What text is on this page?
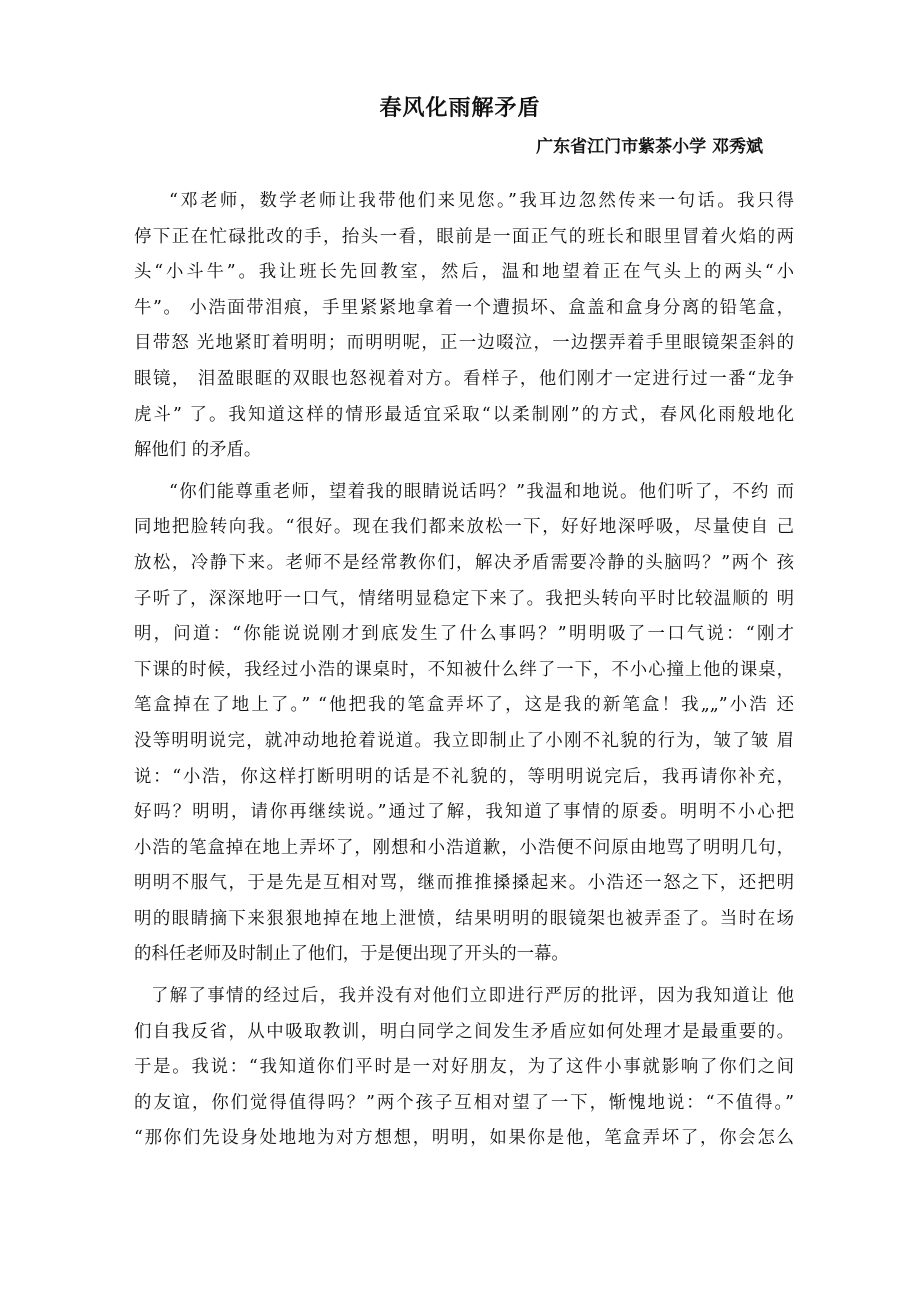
春风化雨解矛盾
广东省江门市紫茶小学 邓秀斌
“邓老师，数学老师让我带他们来见您。”我耳边忽然传来一句话。我只得
停下正在忙碌批改的手，抬头一看，眼前是一面正气的班长和眼里冒着火焰的两
头“小斗牛”。我让班长先回教室，然后，温和地望着正在气头上的两头“小
牛”。 小浩面带泪痕，手里紧紧地拿着一个遭损坏、盒盖和盒身分离的铅笔盒，
目带怒 光地紧盯着明明；而明明呢，正一边啜泣，一边摆弄着手里眼镜架歪斜的
眼镜， 泪盈眼眶的双眼也怒视着对方。看样子，他们刚才一定进行过一番“龙争
虎斗” 了。我知道这样的情形最适宜采取“以柔制刚”的方式，春风化雨般地化
解他们 的矛盾。
“你们能尊重老师，望着我的眼睛说话吗？”我温和地说。他们听了，不约 而
同地把脸转向我。“很好。现在我们都来放松一下，好好地深呼吸，尽量使自 己
放松，冷静下来。老师不是经常教你们，解决矛盾需要冷静的头脑吗？”两个 孩
子听了，深深地吁一口气，情绪明显稳定下来了。我把头转向平时比较温顺的 明
明，问道：“你能说说刚才到底发生了什么事吗？”明明吸了一口气说：“刚才
下课的时候，我经过小浩的课桌时，不知被什么绊了一下，不小心撞上他的课桌，
笔盒掉在了地上了。” “他把我的笔盒弄坏了，这是我的新笔盒！我„„”小浩 还
没等明明说完，就冲动地抢着说道。我立即制止了小刚不礼貌的行为，皱了皱 眉
说：“小浩，你这样打断明明的话是不礼貌的，等明明说完后，我再请你补充，
好吗？明明，请你再继续说。”通过了解，我知道了事情的原委。明明不小心把
小浩的笔盒掉在地上弄坏了，刚想和小浩道歉，小浩便不问原由地骂了明明几句，
明明不服气，于是先是互相对骂，继而推推搡搡起来。小浩还一怒之下，还把明
明的眼睛摘下来狠狠地掉在地上泄愤，结果明明的眼镜架也被弄歪了。当时在场
的科任老师及时制止了他们，于是便出现了开头的一幕。
了解了事情的经过后，我并没有对他们立即进行严厉的批评，因为我知道让 他
们自我反省，从中吸取教训，明白同学之间发生矛盾应如何处理才是最重要的。
于是。我说：“我知道你们平时是一对好朋友，为了这件小事就影响了你们之间
的友谊，你们觉得值得吗？”两个孩子互相对望了一下，惭愧地说：“不值得。”
“那你们先设身处地地为对方想想，明明，如果你是他，笔盒弄坏了，你会怎么
